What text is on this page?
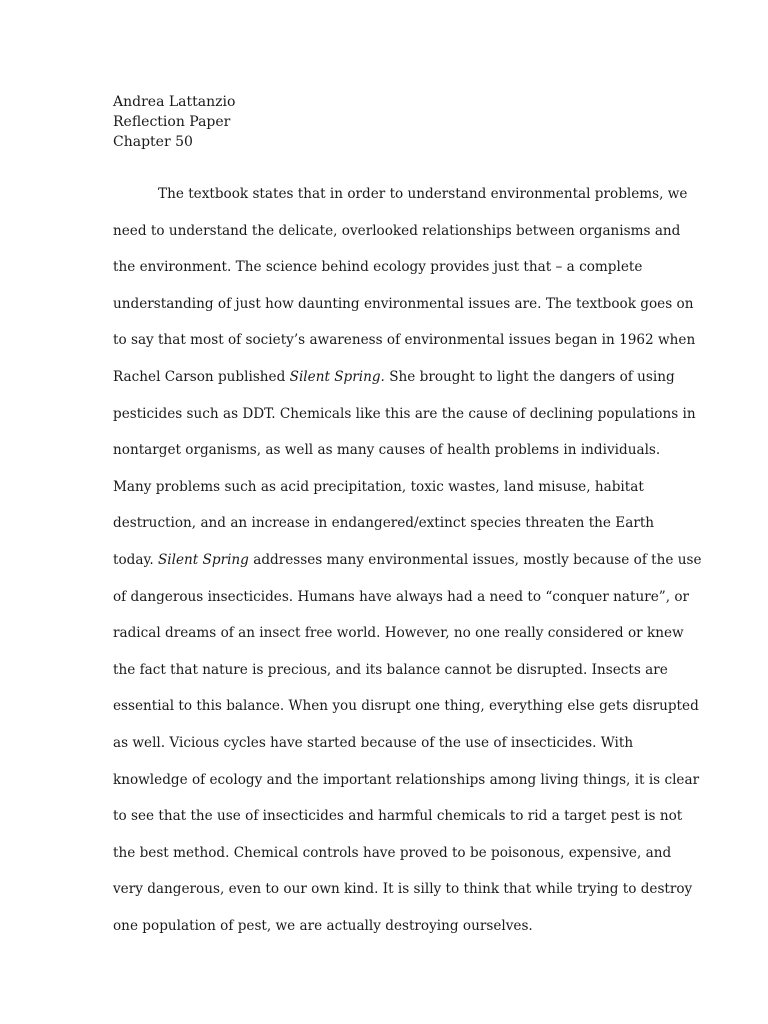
Andrea Lattanzio
Reflection Paper
Chapter 50
The textbook states that in order to understand environmental problems, we
need to understand the delicate, overlooked relationships between organisms and
the environment. The science behind ecology provides just that – a complete
understanding of just how daunting environmental issues are. The textbook goes on
to say that most of society’s awareness of environmental issues began in 1962 when
Rachel Carson published Silent Spring. She brought to light the dangers of using
pesticides such as DDT. Chemicals like this are the cause of declining populations in
nontarget organisms, as well as many causes of health problems in individuals.
Many problems such as acid precipitation, toxic wastes, land misuse, habitat
destruction, and an increase in endangered/extinct species threaten the Earth
today. Silent Spring addresses many environmental issues, mostly because of the use
of dangerous insecticides. Humans have always had a need to “conquer nature”, or
radical dreams of an insect free world. However, no one really considered or knew
the fact that nature is precious, and its balance cannot be disrupted. Insects are
essential to this balance. When you disrupt one thing, everything else gets disrupted
as well. Vicious cycles have started because of the use of insecticides. With
knowledge of ecology and the important relationships among living things, it is clear
to see that the use of insecticides and harmful chemicals to rid a target pest is not
the best method. Chemical controls have proved to be poisonous, expensive, and
very dangerous, even to our own kind. It is silly to think that while trying to destroy
one population of pest, we are actually destroying ourselves.
